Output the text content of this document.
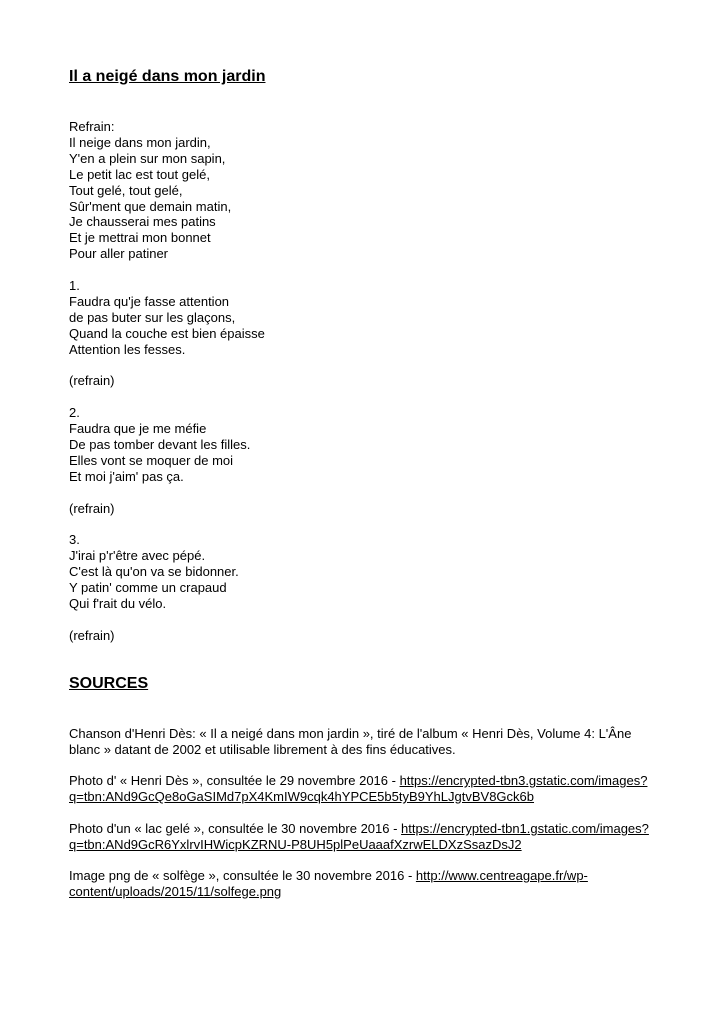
Il a neigé dans mon jardin
Refrain:
Il neige dans mon jardin,
Y'en a plein sur mon sapin,
Le petit lac est tout gelé,
Tout gelé, tout gelé,
Sûr'ment que demain matin,
Je chausserai mes patins
Et je mettrai mon bonnet
Pour aller patiner
1.
Faudra qu'je fasse attention
de pas buter sur les glaçons,
Quand la couche est bien épaisse
Attention les fesses.
(refrain)
2.
Faudra que je me méfie
De pas tomber devant les filles.
Elles vont se moquer de moi
Et moi j'aim' pas ça.
(refrain)
3.
J'irai p'r'être avec pépé.
C'est là qu'on va se bidonner.
Y patin' comme un crapaud
Qui f'rait du vélo.
(refrain)
SOURCES

Chanson d'Henri Dès: « Il a neigé dans mon jardin », tiré de l'album « Henri Dès, Volume 4: L'Âne blanc » datant de 2002 et utilisable librement à des fins éducatives.

Photo d' « Henri Dès », consultée le 29 novembre 2016 - https://encrypted-tbn3.gstatic.com/images?q=tbn:ANd9GcQe8oGaSIMd7pX4KmIW9cqk4hYPCE5b5tyB9YhLJgtvBV8Gck6b

Photo d'un « lac gelé », consultée le 30 novembre 2016 - https://encrypted-tbn1.gstatic.com/images?q=tbn:ANd9GcR6YxlrvIHWicpKZRNU-P8UH5plPeUaaafXzrwELDXzSsazDsJ2

Image png de « solfège », consultée le 30 novembre 2016 - http://www.centreagape.fr/wp-content/uploads/2015/11/solfege.png
